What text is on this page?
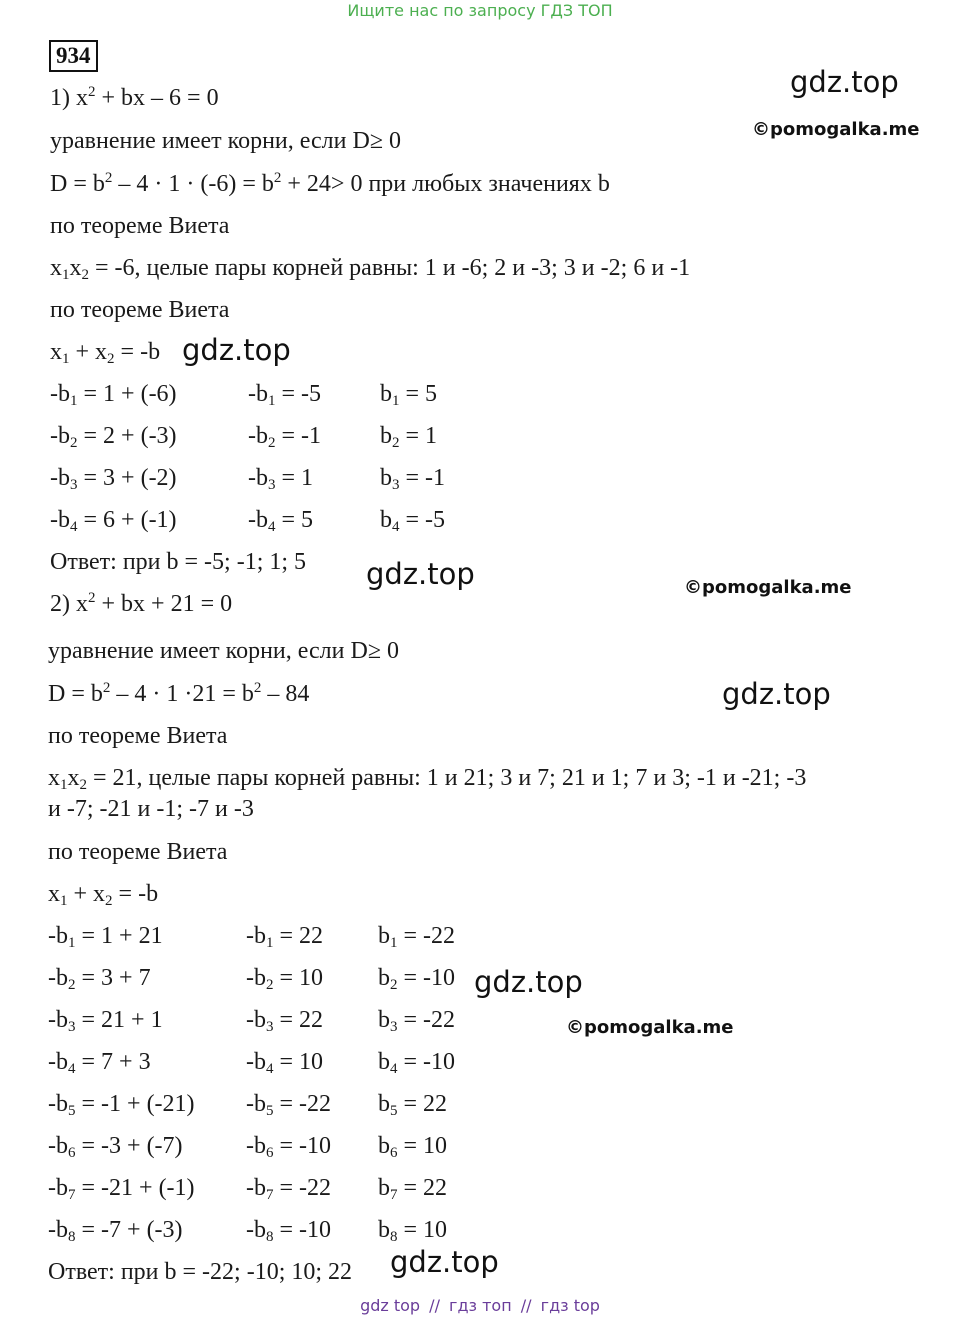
Ищите нас по запросу ГДЗ ТОП
934
gdz.top
©pomogalka.me
gdz.top
gdz.top	©pomogalka.me
gdz.top
gdz.top
©pomogalka.me
gdz.top
1) $x^2$ + bx – 6 = 0
уравнение имеет корни, если D≥ 0
$D = b^2 - 4 \cdot 1 \cdot (-6) = b^2 + 24> 0$ при любых значениях b
по теореме Виета
$x_1x_2 = -6$, целые пары корней равны: 1 и -6; 2 и -3; 3 и -2; 6 и -1
по теореме Виета
$x_1 + x_2 = -b$
$-b_1 = 1 + (-6)$	$-b_1 = -5$ $b_1 = 5$
$-b_2 = 2 + (-3)$	$-b_2 = -1$ $b_2 = 1$
$-b_3 = 3 + (-2)$	$-b_3 = 1$	$b_3 = -1$
$-b_4 = 6 + (-1)$	$-b_4 = 5$	$b_4 = -5$
Ответ: при b = -5; -1; 1; 5
2) $x^2$ + bx + 21 = 0
уравнение имеет корни, если D≥ 0
$D = b^2 - 4 \cdot 1 \cdot 21 = b^2 - 84$
по теореме Виета
$x_1x_2 = 21$, целые пары корней равны: 1 и 21; 3 и 7; 21 и 1; 7 и 3; -1 и -21; -3
и -7; -21 и -1; -7 и -3
по теореме Виета
$x_1 + x_2 = -b$
$-b_1 = 1 + 21$	$-b_1 = 22$ $b_1 = -22$
$-b_2 = 3 + 7$	$-b_2 = 10$ $b_2 = -10$
$-b_3 = 21 + 1$	$-b_3 = 22$ $b_3 = -22$
$-b_4 = 7 + 3$	$-b_4 = 10$ $b_4 = -10$
$-b_5 = -1 + (-21) -b_5 = -22$ $b_5 = 22$
$-b_6 = -3 + (-7)$	$-b_6 = -10$ $b_6 = 10$
$-b_7 = -21 + (-1) -b_7 = -22$ $b_7 = 22$
$-b_8 = -7 + (-3)$	$-b_8 = -10$ $b_8 = 10$
Ответ: при b = -22; -10; 10; 22
gdz top // гдз топ // гдз top
